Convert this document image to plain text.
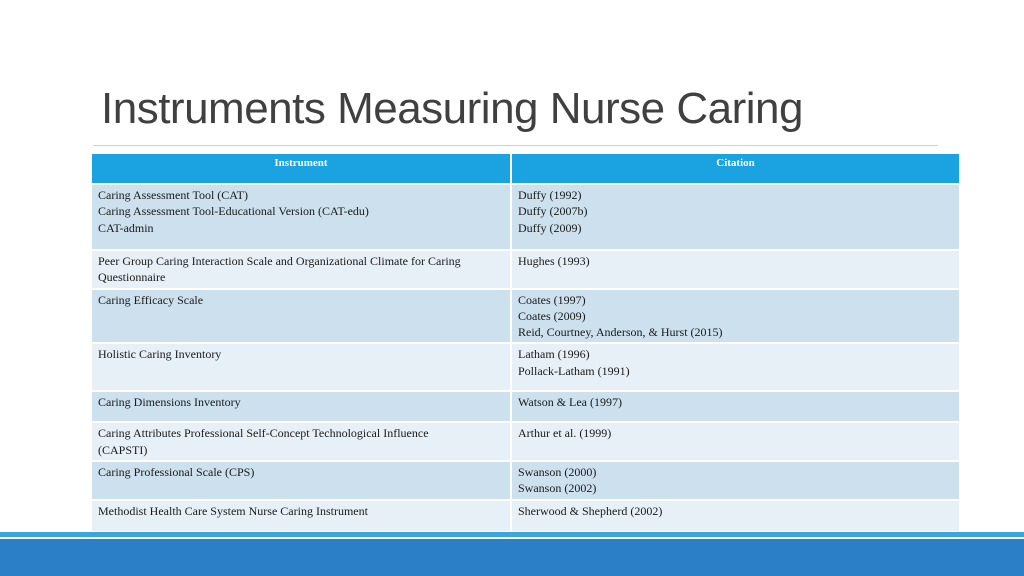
Instruments Measuring Nurse Caring
Instrument	Citation

Caring Assessment Tool (CAT)
Caring Assessment Tool-Educational Version (CAT-edu)
CAT-admin	Duffy (1992)
Duffy (2007b)
Duffy (2009)

Peer Group Caring Interaction Scale and Organizational Climate for Caring
Questionnaire	Hughes (1993)

Caring Efficacy Scale	Coates (1997)
Coates (2009)
Reid, Courtney, Anderson, & Hurst (2015)

Holistic Caring Inventory	Latham (1996)
Pollack-Latham (1991)

Caring Dimensions Inventory	Watson & Lea (1997)

Caring Attributes Professional Self-Concept Technological Influence
(CAPSTI)	Arthur et al. (1999)

Caring Professional Scale (CPS)	Swanson (2000)
Swanson (2002)

Methodist Health Care System Nurse Caring Instrument	Sherwood & Shepherd (2002)
